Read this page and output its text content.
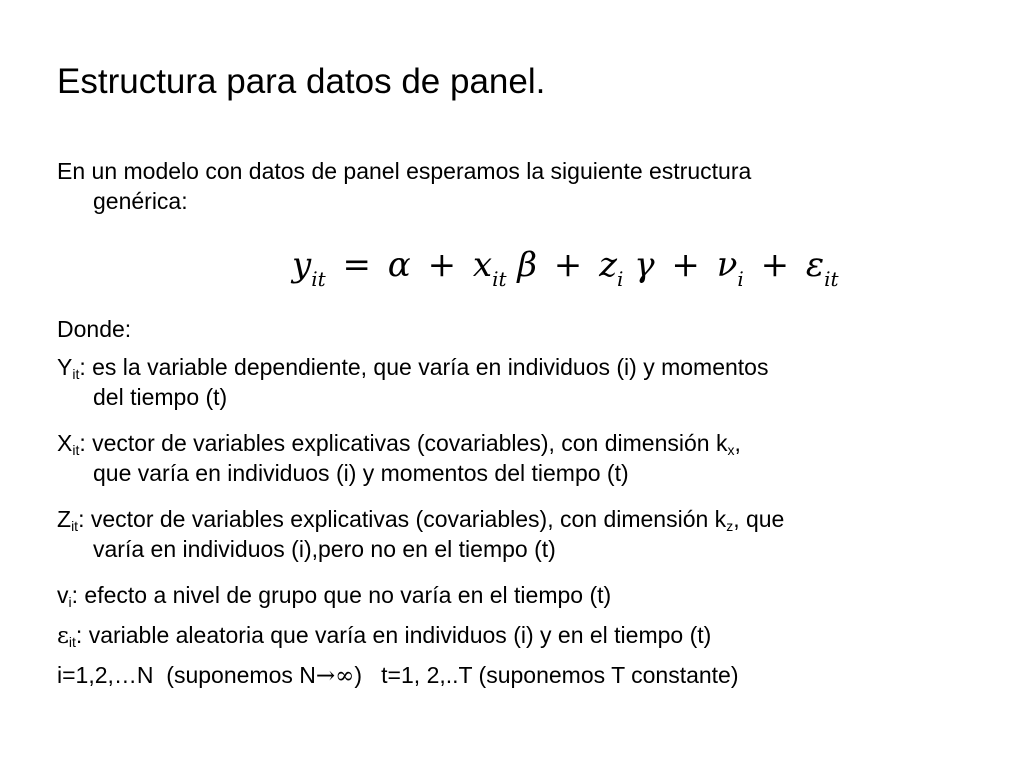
Estructura para datos de panel.
En un modelo con datos de panel esperamos la siguiente estructura
genérica:
$y_{it} = \alpha + x_{it}$ $\beta + z_i$ $\gamma + \nu_i + \varepsilon_{it}$
Donde:
$Y_{it}$: es la variable dependiente, que varía en individuos (i) y momentos
del tiempo (t)
$X_{it}$: vector de variables explicativas (covariables), con dimensión $k_x$,
que varía en individuos (i) y momentos del tiempo (t)
$Z_{it}$: vector de variables explicativas (covariables), con dimensión $k_z$, que
varía en individuos (i),pero no en el tiempo (t)
$v_i$: efecto a nivel de grupo que no varía en el tiempo (t)
$\varepsilon_{it}$: variable aleatoria que varía en individuos (i) y en el tiempo (t)
i=1,2,…N  (suponemos N→∞)   t=1, 2,..T (suponemos T constante)
